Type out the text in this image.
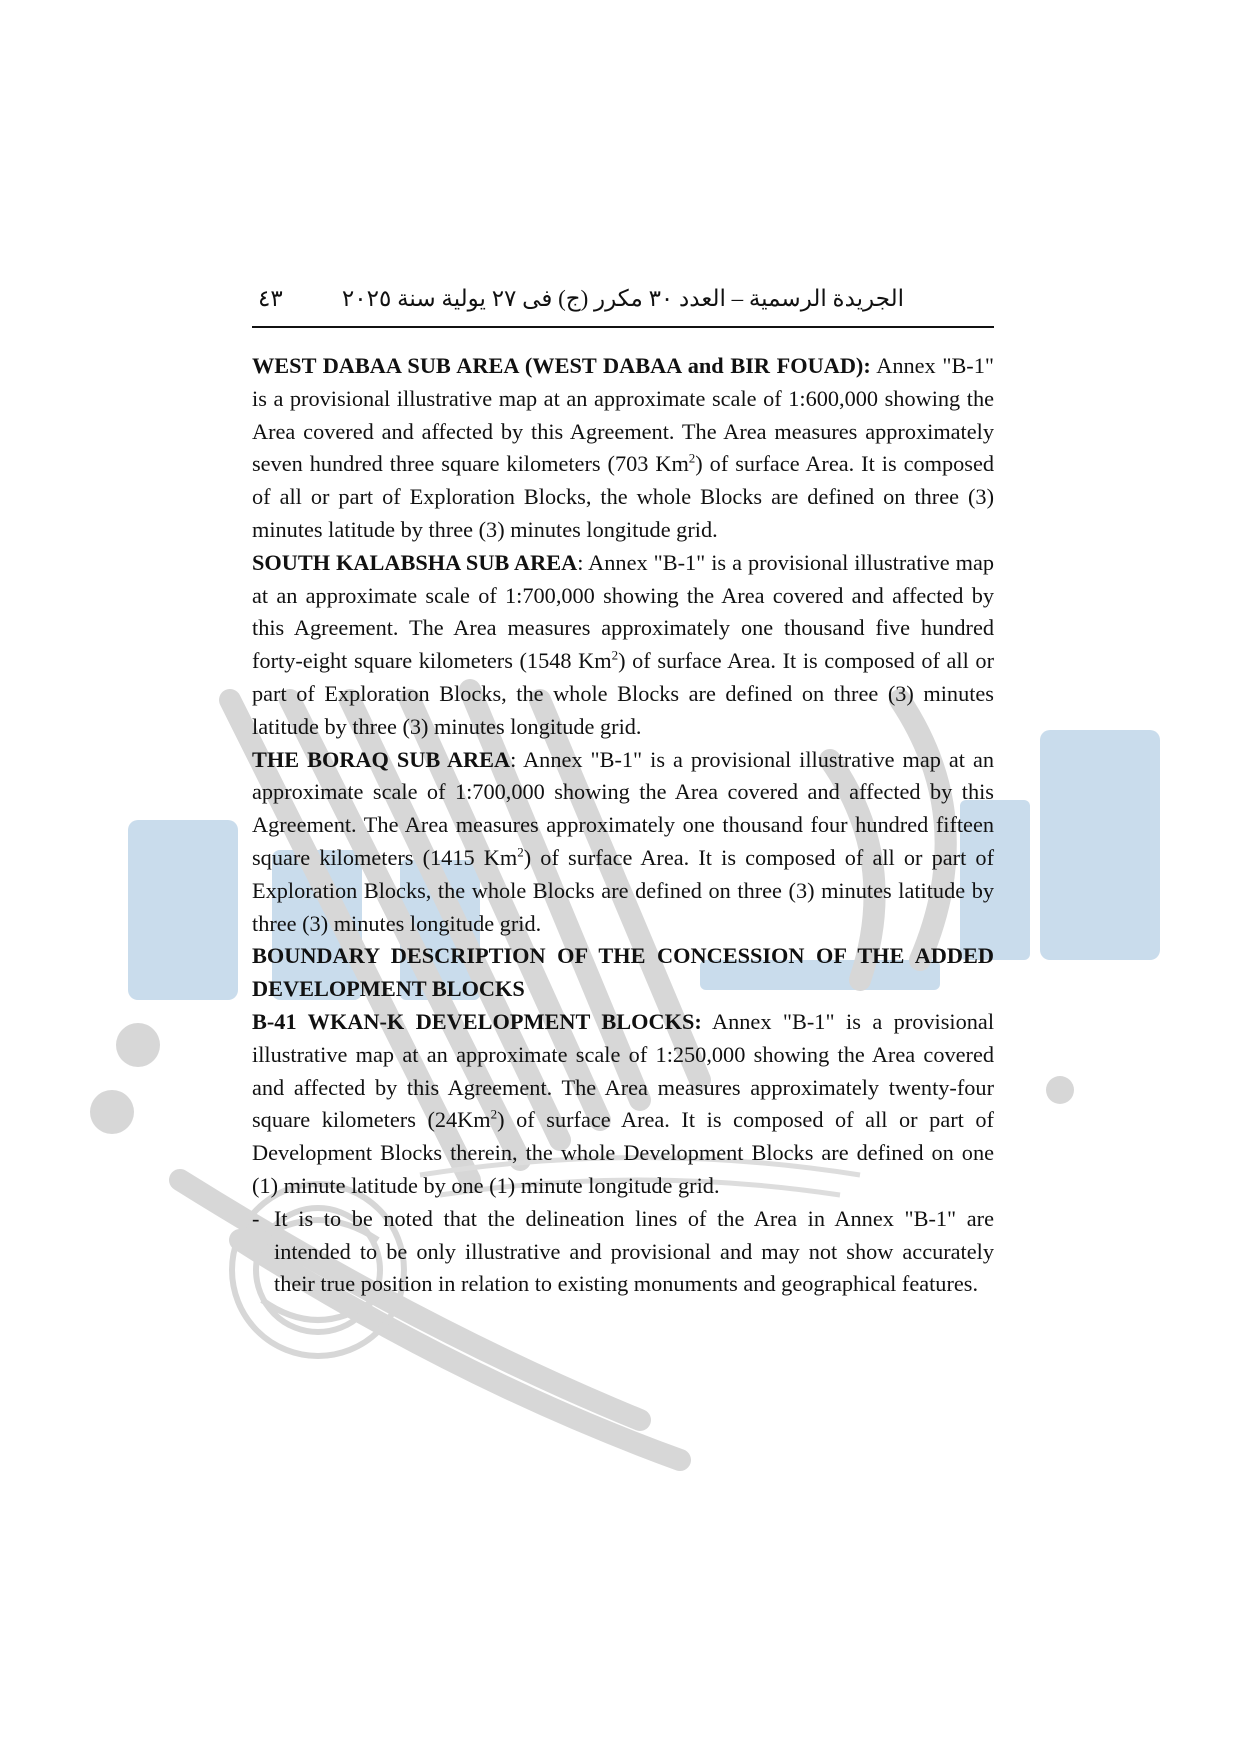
الجريدة الرسمية – العدد ٣٠ مكرر (ج) فى ٢٧ يولية سنة ٢٠٢٥
٤٣

WEST DABAA SUB AREA (WEST DABAA and BIR FOUAD): Annex "B-1" is a provisional illustrative map at an approximate scale of 1:600,000 showing the Area covered and affected by this Agreement. The Area measures approximately seven hundred three square kilometers (703 Km$^2$) of surface Area. It is composed of all or part of Exploration Blocks, the whole Blocks are defined on three (3) minutes latitude by three (3) minutes longitude grid.

SOUTH KALABSHA SUB AREA: Annex "B-1" is a provisional illustrative map at an approximate scale of 1:700,000 showing the Area covered and affected by this Agreement. The Area measures approximately one thousand five hundred forty-eight square kilometers (1548 Km$^2$) of surface Area. It is composed of all or part of Exploration Blocks, the whole Blocks are defined on three (3) minutes latitude by three (3) minutes longitude grid.

THE BORAQ SUB AREA: Annex "B-1" is a provisional illustrative map at an approximate scale of 1:700,000 showing the Area covered and affected by this Agreement. The Area measures approximately one thousand four hundred fifteen square kilometers (1415 Km$^2$) of surface Area. It is composed of all or part of Exploration Blocks, the whole Blocks are defined on three (3) minutes latitude by three (3) minutes longitude grid.

BOUNDARY DESCRIPTION OF THE CONCESSION OF THE ADDED DEVELOPMENT BLOCKS

B-41 WKAN-K DEVELOPMENT BLOCKS: Annex "B-1" is a provisional illustrative map at an approximate scale of 1:250,000 showing the Area covered and affected by this Agreement. The Area measures approximately twenty-four square kilometers (24Km$^2$) of surface Area. It is composed of all or part of Development Blocks therein, the whole Development Blocks are defined on one (1) minute latitude by one (1) minute longitude grid.

- It is to be noted that the delineation lines of the Area in Annex "B-1" are intended to be only illustrative and provisional and may not show accurately their true position in relation to existing monuments and geographical features.
